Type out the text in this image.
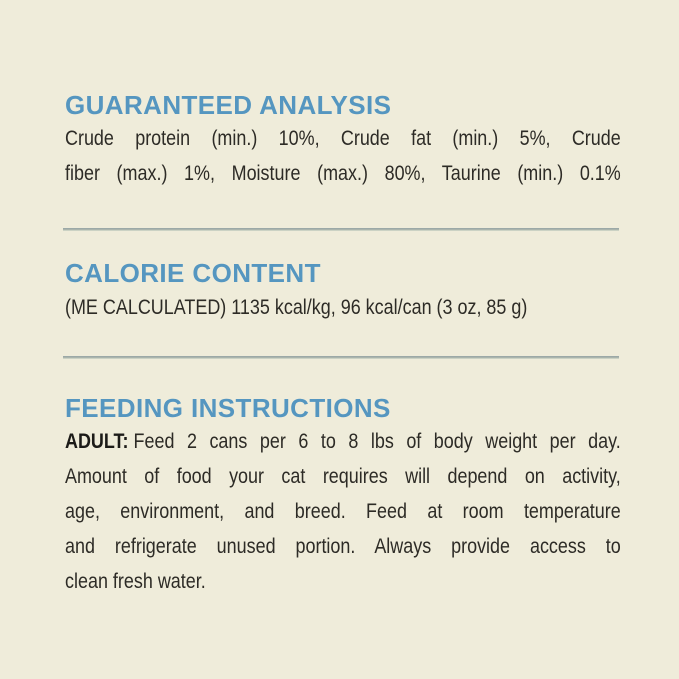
GUARANTEED ANALYSIS
Crude protein (min.) 10%, Crude fat (min.) 5%, Crude
fiber (max.) 1%, Moisture (max.) 80%, Taurine (min.) 0.1%
CALORIE CONTENT
(ME CALCULATED) 1135 kcal/kg, 96 kcal/can (3 oz, 85 g)
FEEDING INSTRUCTIONS
ADULT: Feed 2 cans per 6 to 8 lbs of body weight per day.
Amount of food your cat requires will depend on activity,
age, environment, and breed. Feed at room temperature
and refrigerate unused portion. Always provide access to
clean fresh water.
